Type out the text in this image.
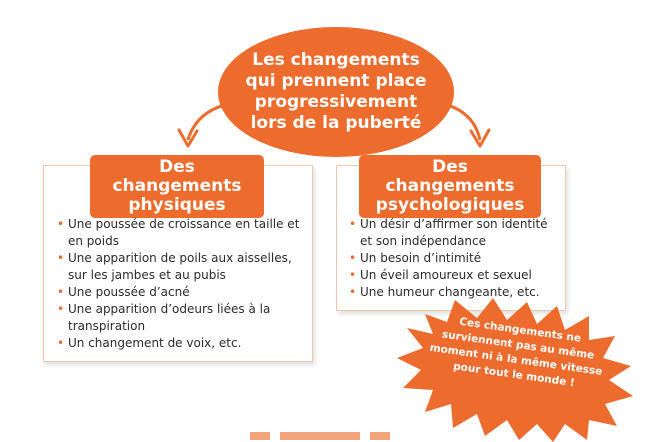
Les changements qui prennent place progressivement lors de la puberté
Des changements physiques
• Une poussée de croissance en taille et en poids
• Une apparition de poils aux aisselles, sur les jambes et au pubis
• Une poussée d’acné
• Une apparition d’odeurs liées à la transpiration
• Un changement de voix, etc.
Des changements psychologiques
• Un désir d’affirmer son identité et son indépendance
• Un besoin d’intimité
• Un éveil amoureux et sexuel
• Une humeur changeante, etc.
Ces changements ne surviennent pas au même moment ni à la même vitesse pour tout le monde !
